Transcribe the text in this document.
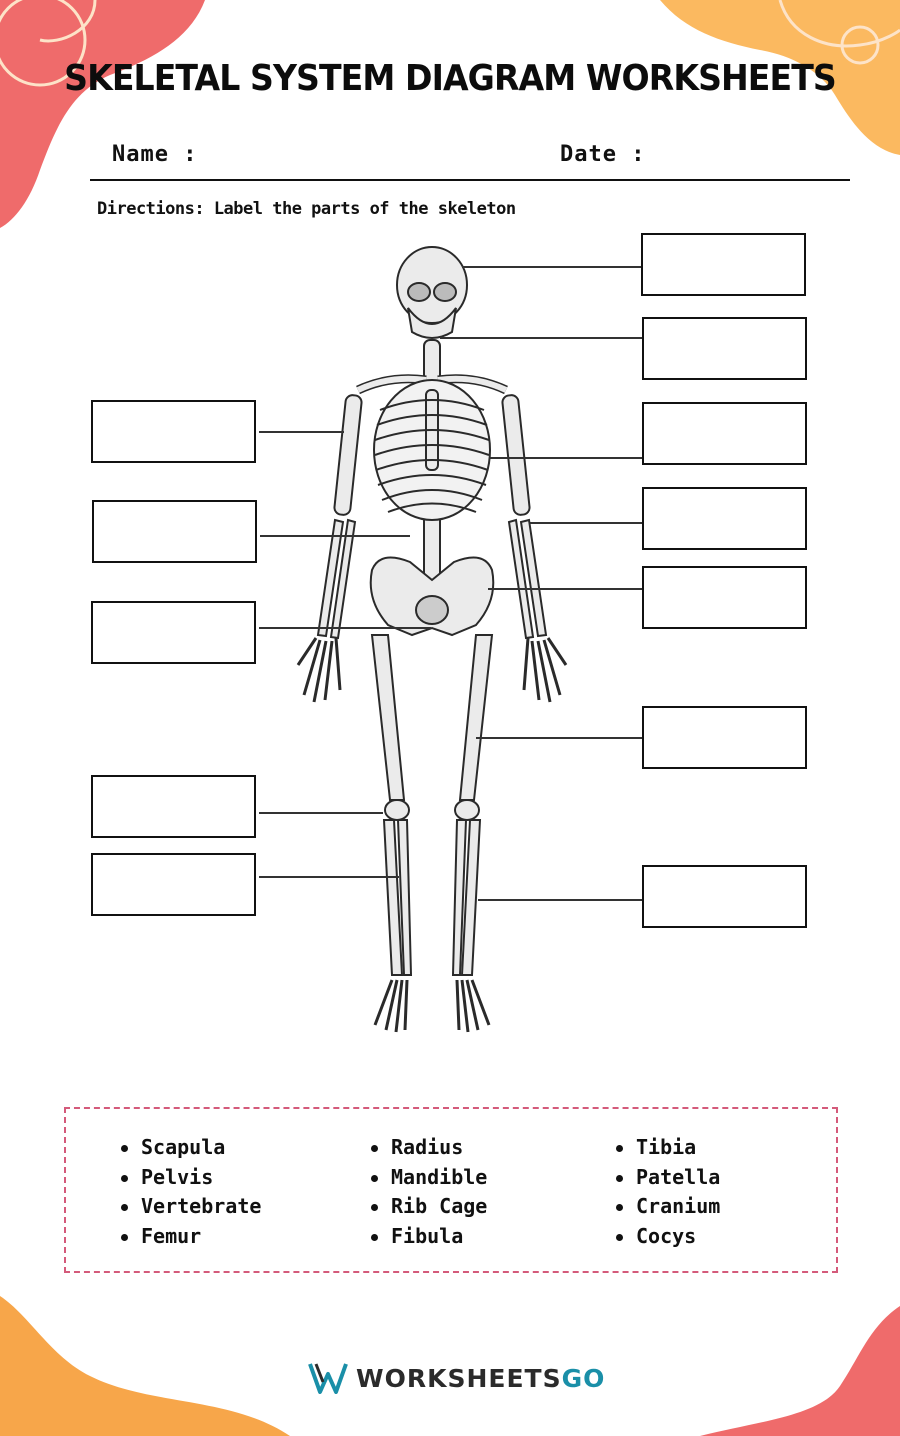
SKELETAL SYSTEM DIAGRAM WORKSHEETS
Name :	Date :
Directions: Label the parts of the skeleton
Scapula
Pelvis
Vertebrate
Femur
Radius
Mandible
Rib Cage
Fibula
Tibia
Patella
Cranium
Cocys
WORKSHEETSGO
